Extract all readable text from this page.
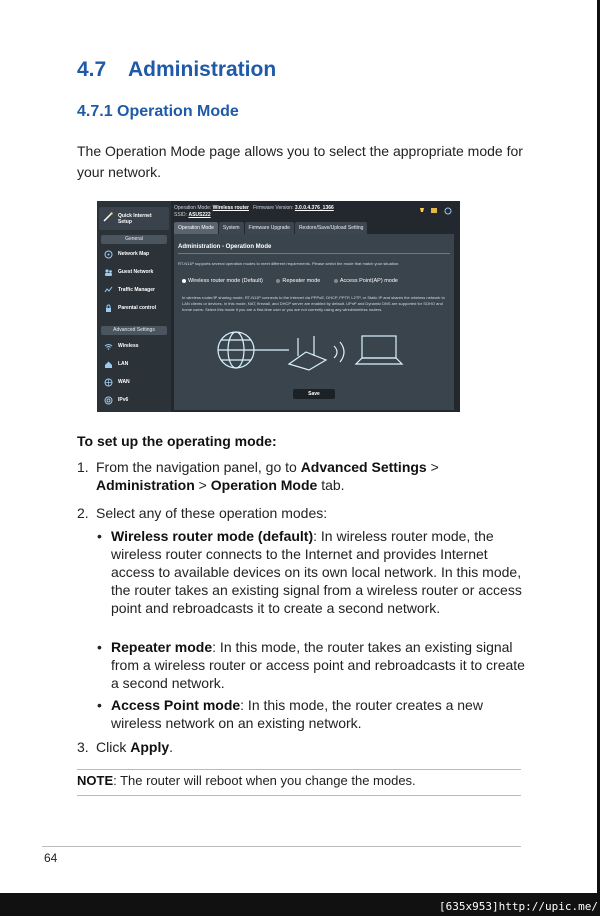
4.7 Administration
4.7.1 Operation Mode
The Operation Mode page allows you to select the appropriate mode for your network.
Quick Internet Setup
General
Network Map
Guest Network
Traffic Manager
Parental control
Advanced Settings
Wireless
LAN
WAN
IPv6
Operation Mode: Wireless router Firmware Version: 3.0.0.4.376_1366
SSID: ASUS222
Operation Mode System Firmware Upgrade Restore/Save/Upload Setting
Administration - Operation Mode
RT-N11P supports several operation modes to meet different requirements. Please select the mode that match your situation.
Wireless router mode (Default)	Repeater mode	Access Point(AP) mode
In wireless router/IP sharing mode, RT-N11P connects to the Internet via PPPoE, DHCP, PPTP, L2TP, or Static IP and shares the wireless network to LAN clients or devices. In this mode, NAT, firewall, and DHCP server are enabled by default. UPnP and Dynamic DNS are supported for SOHO and home users. Select this mode if you are a first-time user or you are not currently using any wired/wireless routers.
Save
To set up the operating mode:
1. From the navigation panel, go to Advanced Settings >
Administration > Operation Mode tab.
2. Select any of these operation modes:
• Wireless router mode (default): In wireless router mode, the wireless router connects to the Internet and provides Internet access to available devices on its own local network. In this mode, the router takes an existing signal from a wireless router or access point and rebroadcasts it to create a second network.
• Repeater mode: In this mode, the router takes an existing signal from a wireless router or access point and rebroadcasts it to create a second network.
• Access Point mode: In this mode, the router creates a new wireless network on an existing network.
3. Click Apply.
NOTE: The router will reboot when you change the modes.
64
[635x953]http://upic.me/
